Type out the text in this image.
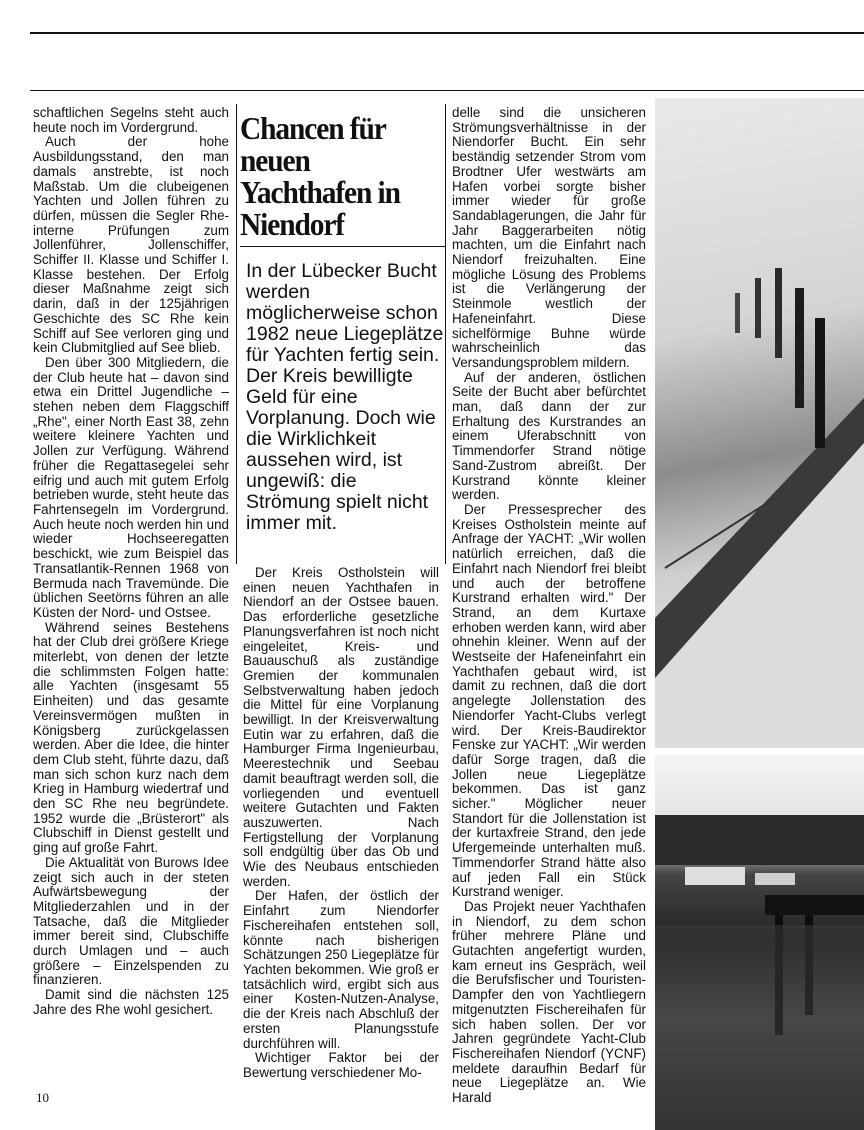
schaftlichen Segelns steht auch heute noch im Vordergrund.

Auch der hohe Ausbildungsstand, den man damals anstrebte, ist noch Maßstab. Um die clubeigenen Yachten und Jollen führen zu dürfen, müssen die Segler Rhe-interne Prüfungen zum Jollenführer, Jollenschiffer, Schiffer II. Klasse und Schiffer I. Klasse bestehen. Der Erfolg dieser Maßnahme zeigt sich darin, daß in der 125jährigen Geschichte des SC Rhe kein Schiff auf See verloren ging und kein Clubmitglied auf See blieb.

Den über 300 Mitgliedern, die der Club heute hat – davon sind etwa ein Drittel Jugendliche – stehen neben dem Flaggschiff „Rhe", einer North East 38, zehn weitere kleinere Yachten und Jollen zur Verfügung. Während früher die Regattasegelei sehr eifrig und auch mit gutem Erfolg betrieben wurde, steht heute das Fahrtensegeln im Vordergrund. Auch heute noch werden hin und wieder Hochseeregatten beschickt, wie zum Beispiel das Transatlantik-Rennen 1968 von Bermuda nach Travemünde. Die üblichen Seetörns führen an alle Küsten der Nord- und Ostsee.

Während seines Bestehens hat der Club drei größere Kriege miterlebt, von denen der letzte die schlimmsten Folgen hatte: alle Yachten (insgesamt 55 Einheiten) und das gesamte Vereinsvermögen mußten in Königsberg zurückgelassen werden. Aber die Idee, die hinter dem Club steht, führte dazu, daß man sich schon kurz nach dem Krieg in Hamburg wiedertraf und den SC Rhe neu begründete. 1952 wurde die „Brüsterort" als Clubschiff in Dienst gestellt und ging auf große Fahrt.

Die Aktualität von Burows Idee zeigt sich auch in der steten Aufwärtsbewegung der Mitgliederzahlen und in der Tatsache, daß die Mitglieder immer bereit sind, Clubschiffe durch Umlagen und – auch größere – Einzelspenden zu finanzieren.

Damit sind die nächsten 125 Jahre des Rhe wohl gesichert.

Chancen für neuen Yachthafen in Niendorf
In der Lübecker Bucht werden möglicherweise schon 1982 neue Liegeplätze für Yachten fertig sein. Der Kreis bewilligte Geld für eine Vorplanung. Doch wie die Wirklichkeit aussehen wird, ist ungewiß: die Strömung spielt nicht immer mit.

Der Kreis Ostholstein will einen neuen Yachthafen in Niendorf an der Ostsee bauen. Das erforderliche gesetzliche Planungsverfahren ist noch nicht eingeleitet, Kreis- und Bauauschuß als zuständige Gremien der kommunalen Selbstverwaltung haben jedoch die Mittel für eine Vorplanung bewilligt. In der Kreisverwaltung Eutin war zu erfahren, daß die Hamburger Firma Ingenieurbau, Meerestechnik und Seebau damit beauftragt werden soll, die vorliegenden und eventuell weitere Gutachten und Fakten auszuwerten. Nach Fertigstellung der Vorplanung soll endgültig über das Ob und Wie des Neubaus entschieden werden.

Der Hafen, der östlich der Einfahrt zum Niendorfer Fischereihafen entstehen soll, könnte nach bisherigen Schätzungen 250 Liegeplätze für Yachten bekommen. Wie groß er tatsächlich wird, ergibt sich aus einer Kosten-Nutzen-Analyse, die der Kreis nach Abschluß der ersten Planungsstufe durchführen will.

Wichtiger Faktor bei der Bewertung verschiedener Mo-

delle sind die unsicheren Strömungsverhältnisse in der Niendorfer Bucht. Ein sehr beständig setzender Strom vom Brodtner Ufer westwärts am Hafen vorbei sorgte bisher immer wieder für große Sandablagerungen, die Jahr für Jahr Baggerarbeiten nötig machten, um die Einfahrt nach Niendorf freizuhalten. Eine mögliche Lösung des Problems ist die Verlängerung der Steinmole westlich der Hafeneinfahrt. Diese sichelförmige Buhne würde wahrscheinlich das Versandungsproblem mildern.

Auf der anderen, östlichen Seite der Bucht aber befürchtet man, daß dann der zur Erhaltung des Kurstrandes an einem Uferabschnitt von Timmendorfer Strand nötige Sand-Zustrom abreißt. Der Kurstrand könnte kleiner werden.

Der Pressesprecher des Kreises Ostholstein meinte auf Anfrage der YACHT: „Wir wollen natürlich erreichen, daß die Einfahrt nach Niendorf frei bleibt und auch der betroffene Kurstrand erhalten wird." Der Strand, an dem Kurtaxe erhoben werden kann, wird aber ohnehin kleiner. Wenn auf der Westseite der Hafeneinfahrt ein Yachthafen gebaut wird, ist damit zu rechnen, daß die dort angelegte Jollenstation des Niendorfer Yacht-Clubs verlegt wird. Der Kreis-Baudirektor Fenske zur YACHT: „Wir werden dafür Sorge tragen, daß die Jollen neue Liegeplätze bekommen. Das ist ganz sicher." Möglicher neuer Standort für die Jollenstation ist der kurtaxfreie Strand, den jede Ufergemeinde unterhalten muß. Timmendorfer Strand hätte also auf jeden Fall ein Stück Kurstrand weniger.

Das Projekt neuer Yachthafen in Niendorf, zu dem schon früher mehrere Pläne und Gutachten angefertigt wurden, kam erneut ins Gespräch, weil die Berufsfischer und Touristen-Dampfer den von Yachtliegern mitgenutzten Fischereihafen für sich haben sollen. Der vor Jahren gegründete Yacht-Club Fischereihafen Niendorf (YCNF) meldete daraufhin Bedarf für neue Liegeplätze an. Wie Harald

10
